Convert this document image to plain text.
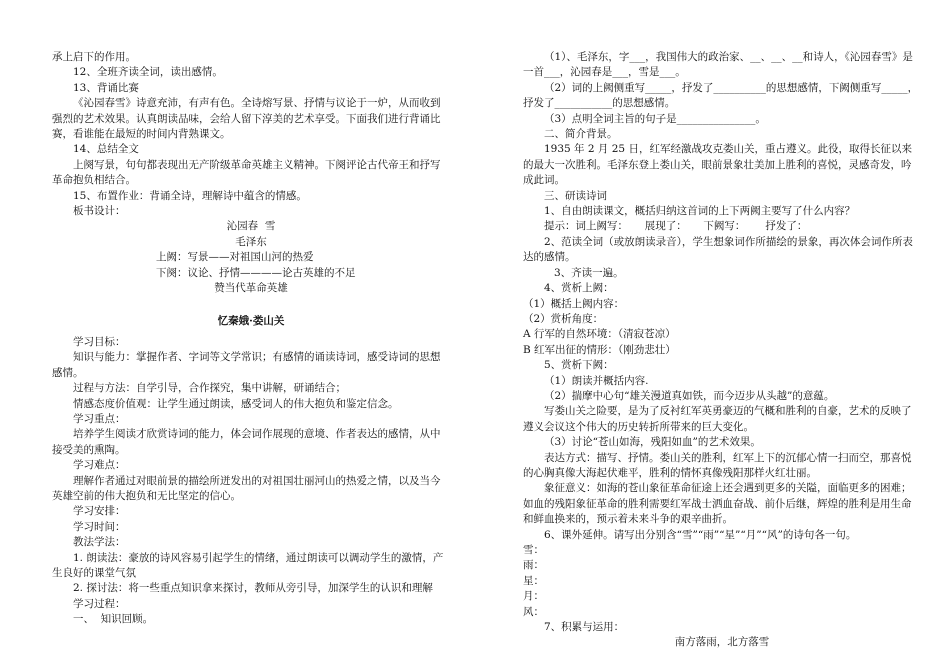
承上启下的作用。

12、全班齐读全词，读出感情。

13、背诵比赛

《沁园春雪》诗意充沛，有声有色。全诗熔写景、抒情与议论于一炉，从而收到强烈的艺术效果。认真朗读品味，会给人留下淳美的艺术享受。下面我们进行背诵比赛，看谁能在最短的时间内背熟课文。

14、总结全文

上阕写景，句句都表现出无产阶级革命英雄主义精神。下阕评论古代帝王和抒写革命抱负相结合。

15、布置作业：背诵全诗，理解诗中蕴含的情感。

板书设计：

沁园春  雪

毛泽东

上阙：写景——对祖国山河的热爱

下阕：议论、抒情————论古英雄的不足

赞当代革命英雄

忆秦娥·娄山关

学习目标：

知识与能力：掌握作者、字词等文学常识；有感情的诵读诗词，感受诗词的思想感情。

过程与方法：自学引导，合作探究，集中讲解，研诵结合；

情感态度价值观：让学生通过朗读，感受词人的伟大抱负和鉴定信念。

学习重点：

培养学生阅读才欣赏诗词的能力，体会词作展现的意境、作者表达的感情，从中接受美的熏陶。

学习难点：

理解作者通过对眼前景的描绘所迸发出的对祖国壮丽河山的热爱之情，以及当今英雄空前的伟大抱负和无比坚定的信心。

学习安排：

学习时间：

教法学法：

1. 朗读法：豪放的诗风容易引起学生的情绪，通过朗读可以调动学生的激情，产生良好的课堂气氛

2. 探讨法：将一些重点知识拿来探讨，教师从旁引导，加深学生的认识和理解

学习过程：

一、  知识回顾。

（1）、毛泽东，字___，我国伟大的政治家、__、__、__和诗人，《沁园春雪》是一首___，沁园春是___，雪是___。

（2）词的上阙侧重写_____，抒发了__________的思想感情，下阙侧重写_____，抒发了___________的思想感情。

（3）点明全词主旨的句子是_______________。

二、简介背景。

1935 年 2 月 25 日，红军经激战攻克娄山关，重占遵义。此役，取得长征以来的最大一次胜利。毛泽东登上娄山关，眼前景象壮美加上胜利的喜悦，灵感奇发，吟成此词。

三、研读诗词

1、自由朗读课文，概括归纳这首词的上下两阙主要写了什么内容？

提示：词上阙写：     展现了：     下阙写：      抒发了：

2、范读全词（或放朗读录音），学生想象词作所描绘的景象，再次体会词作所表达的感情。

3、齐读一遍。

4、赏析上阙：

（1）概括上阙内容：

（2）赏析角度：

A 行军的自然环境：（清寂苍凉）

B 红军出征的情形：（刚劲悲壮）

5、赏析下阙：

（1）朗读并概括内容.

（2）揣摩中心句“雄关漫道真如铁，而今迈步从头越”的意蕴。

写娄山关之险要，是为了反衬红军英勇豪迈的气概和胜利的自豪，艺术的反映了遵义会议这个伟大的历史转折所带来的巨大变化。

（3）讨论“苍山如海，残阳如血”的艺术效果。

表达方式：描写、抒情。娄山关的胜利，红军上下的沉郁心情一扫而空，那喜悦的心胸真像大海起伏难平，胜利的情怀真像残阳那样火红壮丽。

象征意义：如海的苍山象征革命征途上还会遇到更多的关隘，面临更多的困难；如血的残阳象征革命的胜利需要红军战士洒血奋战、前仆后继，辉煌的胜利是用生命和鲜血换来的，预示着未来斗争的艰辛曲折。

6、课外延伸。请写出分别含“雪”“雨”“星”“月”“风”的诗句各一句。

雪：

雨：

星：

月：

风：

7、积累与运用：

南方落雨，北方落雪
